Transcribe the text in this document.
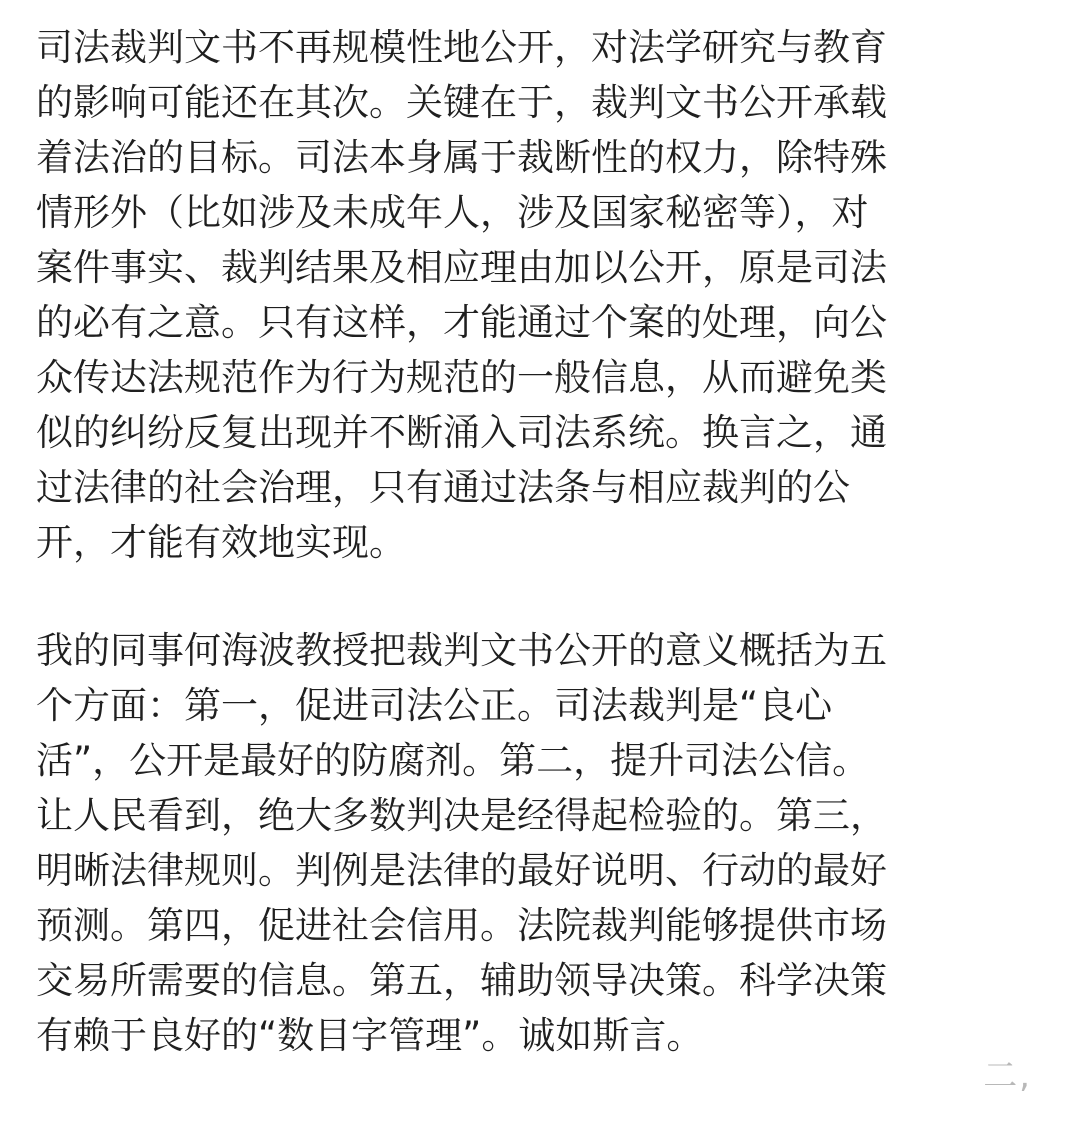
司法裁判文书不再规模性地公开，对法学研究与教育
的影响可能还在其次。关键在于，裁判文书公开承载
着法治的目标。司法本身属于裁断性的权力，除特殊
情形外（比如涉及未成年人，涉及国家秘密等），对
案件事实、裁判结果及相应理由加以公开，原是司法
的必有之意。只有这样，才能通过个案的处理，向公
众传达法规范作为行为规范的一般信息，从而避免类
似的纠纷反复出现并不断涌入司法系统。换言之，通
过法律的社会治理，只有通过法条与相应裁判的公
开，才能有效地实现。
我的同事何海波教授把裁判文书公开的意义概括为五
个方面：第一，促进司法公正。司法裁判是“良心
活”，公开是最好的防腐剂。第二，提升司法公信。
让人民看到，绝大多数判决是经得起检验的。第三，
明晰法律规则。判例是法律的最好说明、行动的最好
预测。第四，促进社会信用。法院裁判能够提供市场
交易所需要的信息。第五，辅助领导决策。科学决策
有赖于良好的“数目字管理”。诚如斯言。
二,
